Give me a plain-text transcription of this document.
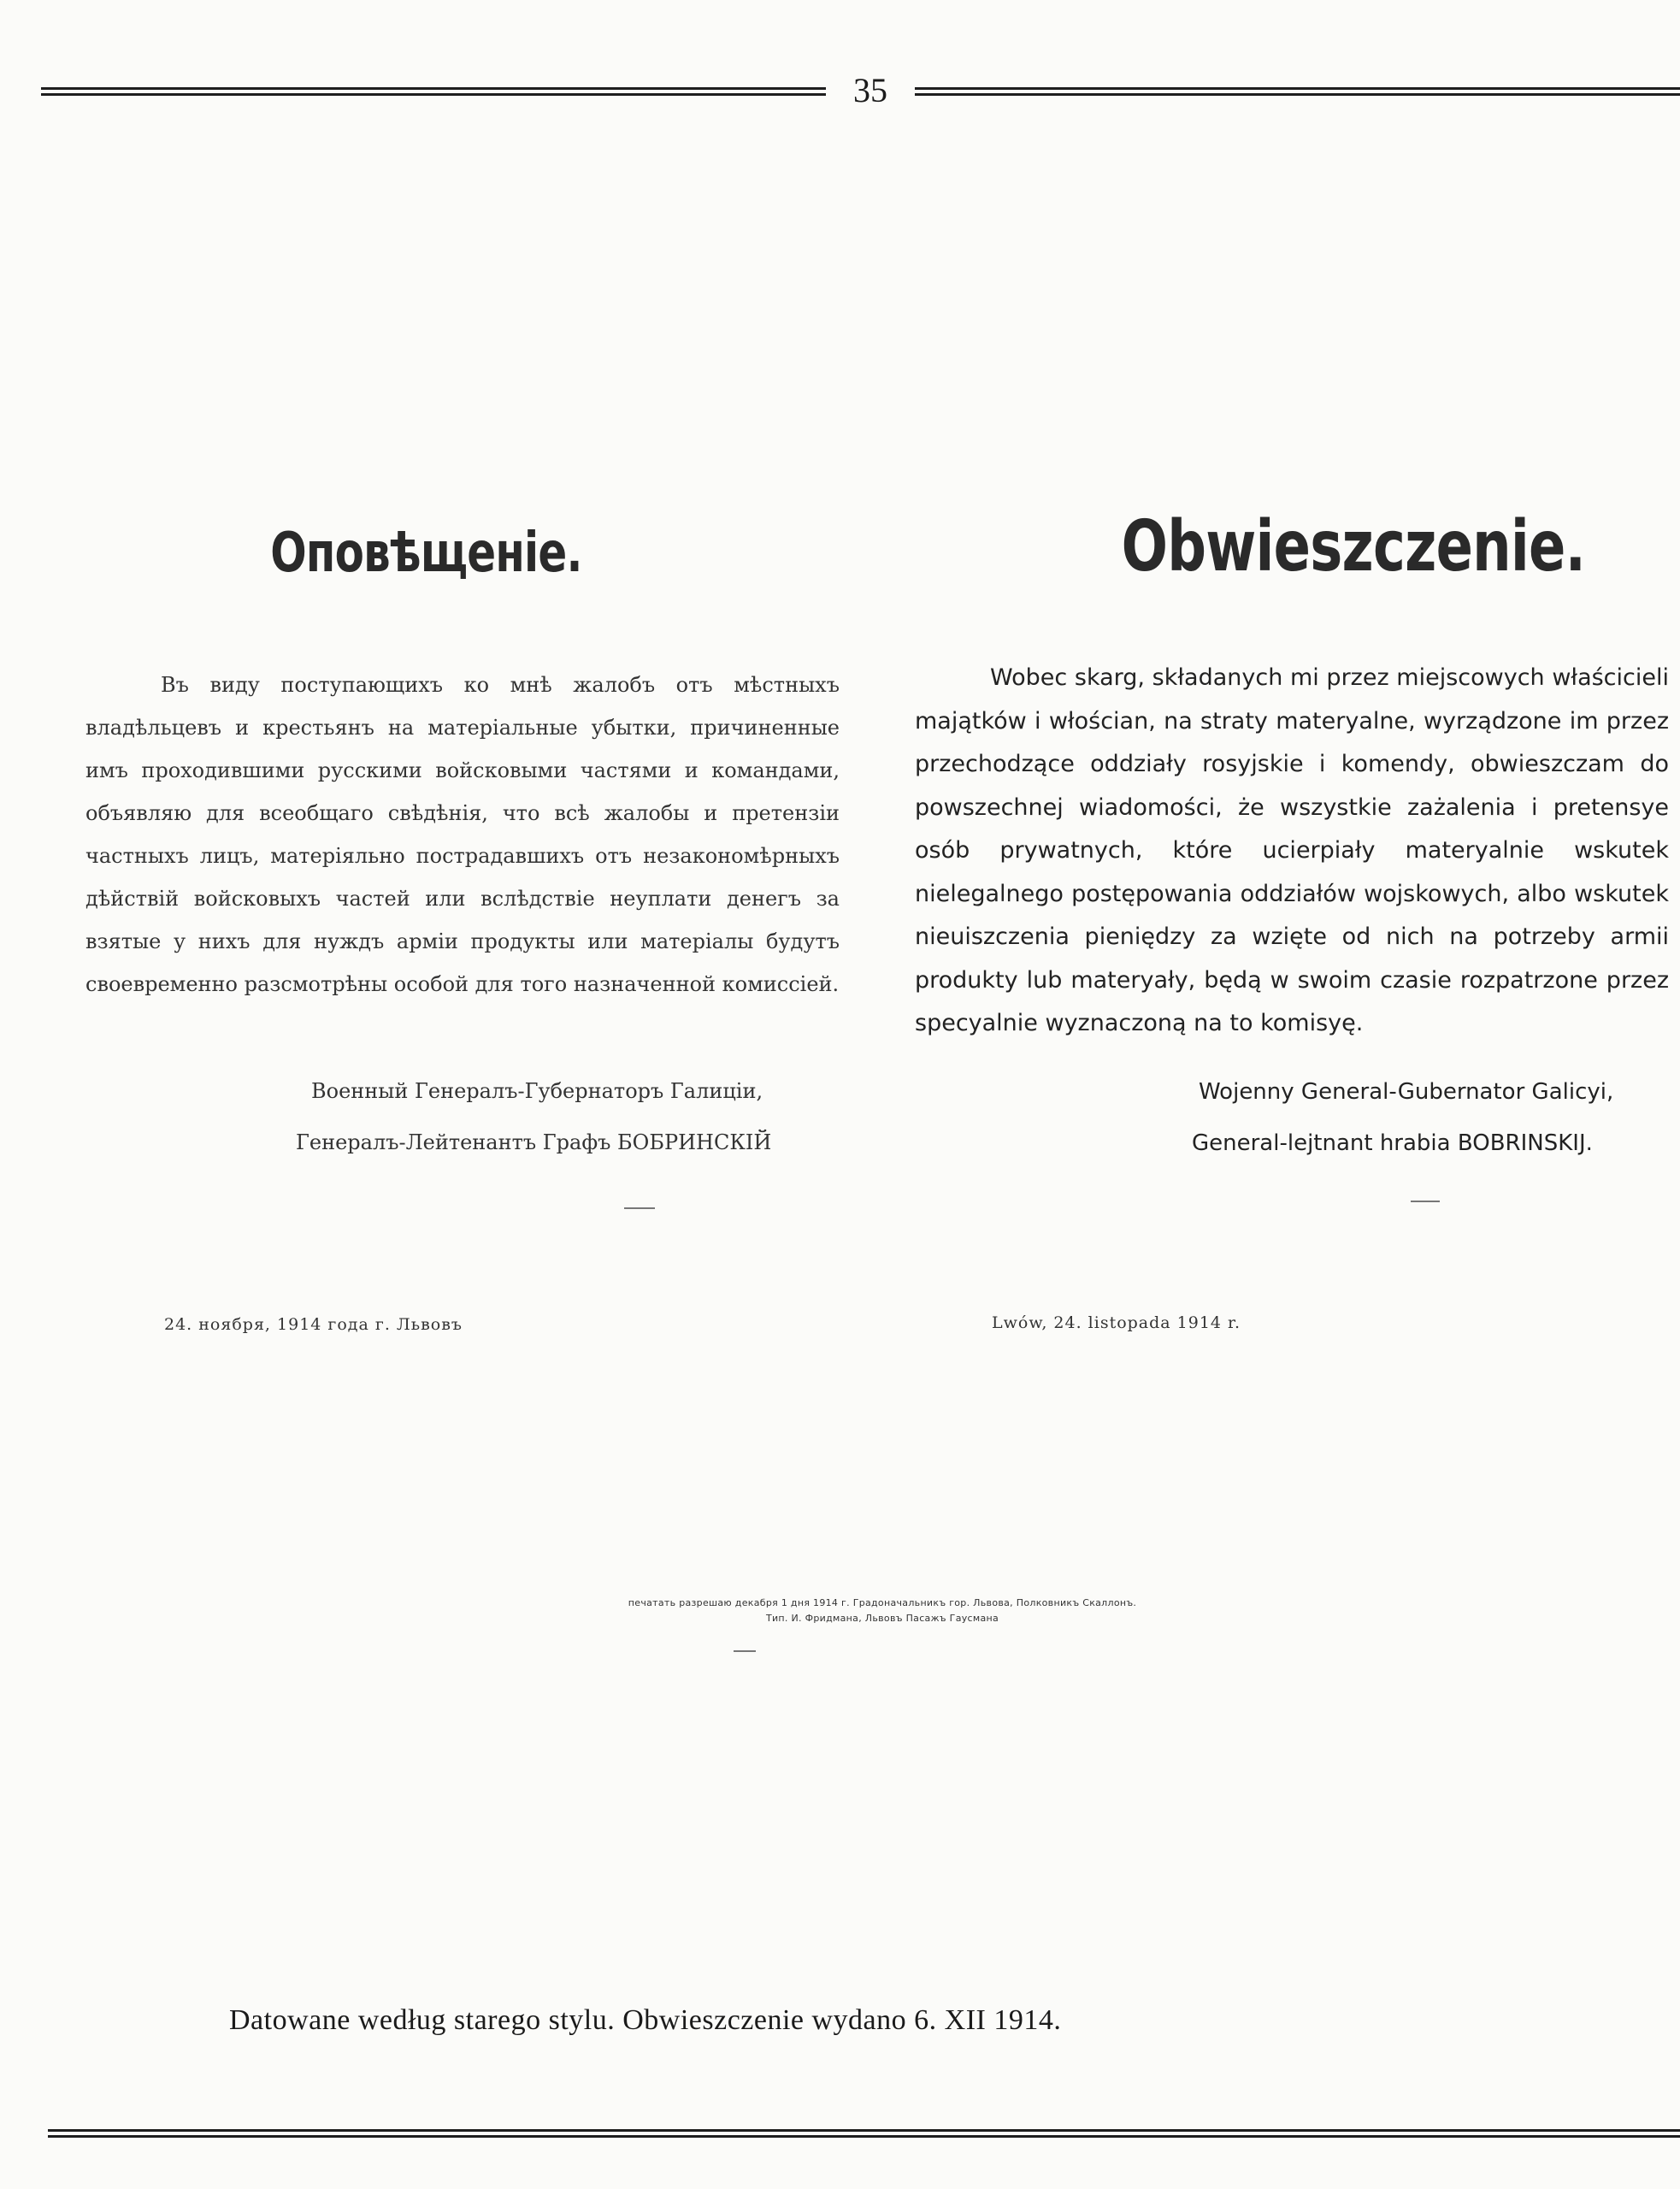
35
Оповѣщеніе.
Въ виду поступающихъ ко мнѣ жалобъ отъ мѣстныхъ владѣльцевъ и крестьянъ на матеріальные убытки, причиненные имъ проходившими русскими войсковыми частями и командами, объявляю для всеобщаго свѣдѣнія, что всѣ жалобы и претензіи частныхъ лицъ, матеріяльно пострадавшихъ отъ незакономѣрныхъ дѣйствій войсковыхъ частей или вслѣдствіе неуплати денегъ за взятые у нихъ для нуждъ арміи продукты или матеріалы будутъ своевременно разсмотрѣны особой для того назначенной комиссіей.
Военный Генералъ-Губернаторъ Галиціи,
Генералъ-Лейтенантъ Графъ БОБРИНСКІЙ
24. ноября, 1914 года г. Львовъ
Obwieszczenie.
Wobec skarg, składanych mi przez miejscowych właścicieli majątków i włościan, na straty materyalne, wyrządzone im przez przechodzące oddziały rosyjskie i komendy, obwieszczam do powszechnej wiadomości, że wszystkie zażalenia i pretensye osób prywatnych, które ucierpiały materyalnie wskutek nielegalnego postępowania oddziałów wojskowych, albo wskutek nieuiszczenia pieniędzy za wzięte od nich na potrzeby armii produkty lub materyały, będą w swoim czasie rozpatrzone przez specyalnie wyznaczoną na to komisyę.
Wojenny General-Gubernator Galicyi,
General-lejtnant hrabia BOBRINSKIJ.
Lwów, 24. listopada 1914 r.
печатать разрешаю декабря 1 дня 1914 г. Градоначальникъ гор. Львова, Полковникъ Скаллонъ.
Тип. И. Фридмана, Львовъ Пасажъ Гаусмана
Datowane według starego stylu. Obwieszczenie wydano 6. XII 1914.
